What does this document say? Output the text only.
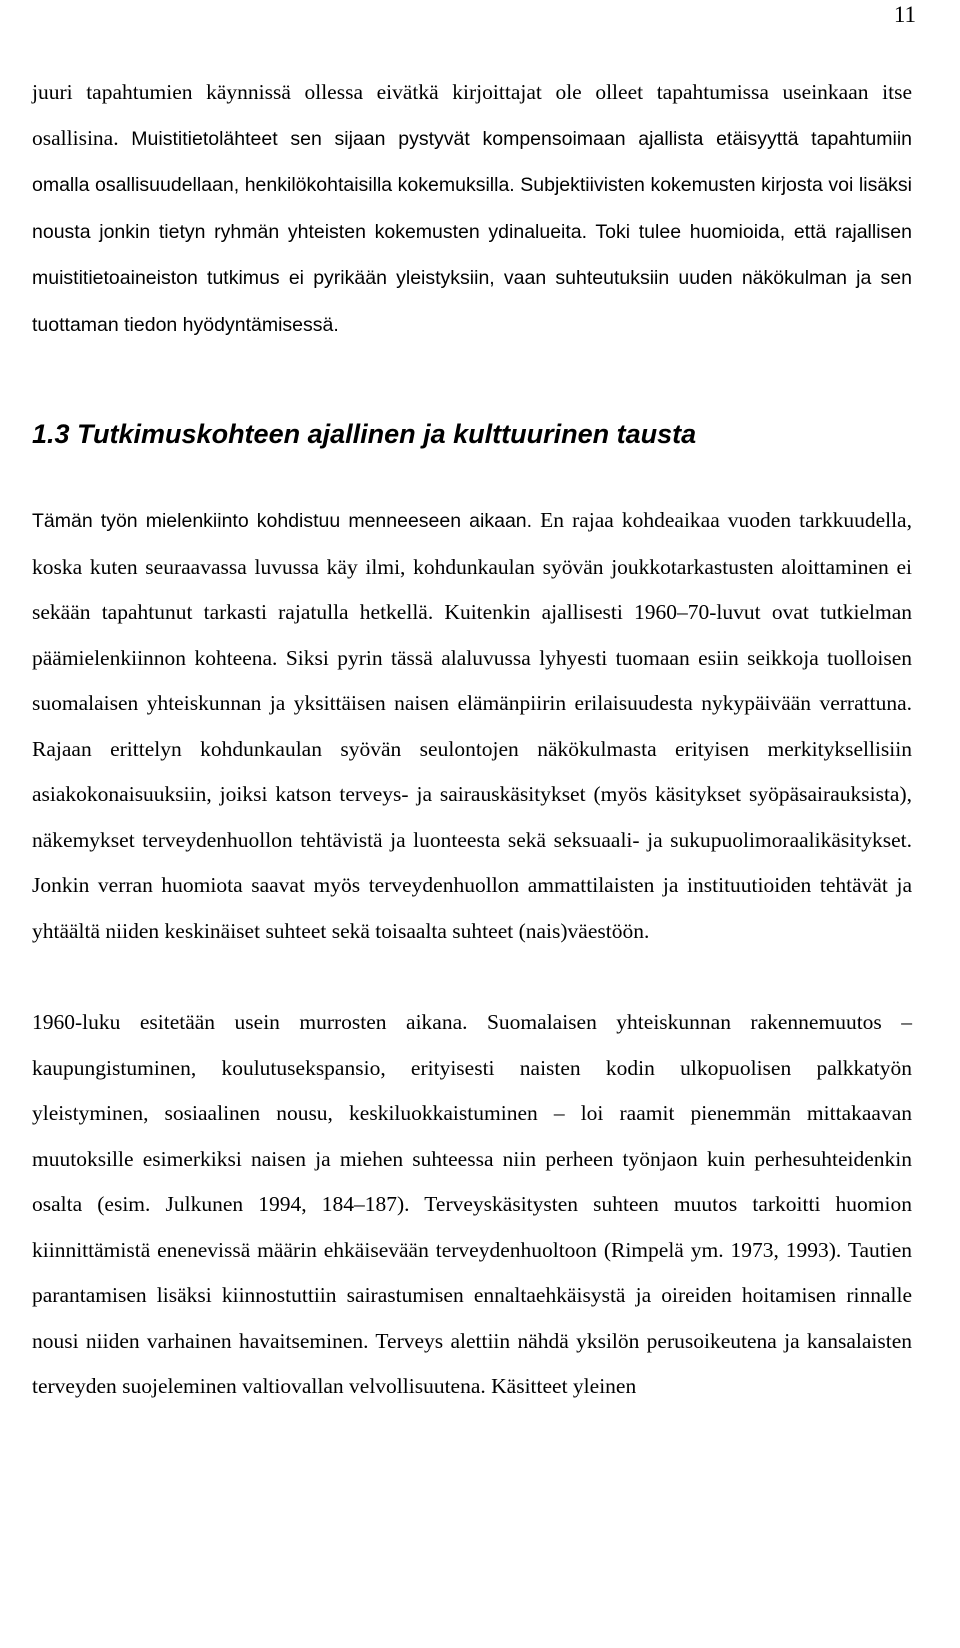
11

juuri tapahtumien käynnissä ollessa eivätkä kirjoittajat ole olleet tapahtumissa useinkaan itse osallisina. Muistitietolähteet sen sijaan pystyvät kompensoimaan ajallista etäisyyttä tapahtumiin omalla osallisuudellaan, henkilökohtaisilla kokemuksilla. Subjektiivisten kokemusten kirjosta voi lisäksi nousta jonkin tietyn ryhmän yhteisten kokemusten ydinalueita. Toki tulee huomioida, että rajallisen muistitietoaineiston tutkimus ei pyrikään yleistyksiin, vaan suhteutuksiin uuden näkökulman ja sen tuottaman tiedon hyödyntämisessä.

1.3 Tutkimuskohteen ajallinen ja kulttuurinen tausta

Tämän työn mielenkiinto kohdistuu menneeseen aikaan. En rajaa kohdeaikaa vuoden tarkkuudella, koska kuten seuraavassa luvussa käy ilmi, kohdunkaulan syövän joukkotarkastusten aloittaminen ei sekään tapahtunut tarkasti rajatulla hetkellä. Kuitenkin ajallisesti 1960–70-luvut ovat tutkielman päämielenkiinnon kohteena. Siksi pyrin tässä alaluvussa lyhyesti tuomaan esiin seikkoja tuolloisen suomalaisen yhteiskunnan ja yksittäisen naisen elämänpiirin erilaisuudesta nykypäivään verrattuna. Rajaan erittelyn kohdunkaulan syövän seulontojen näkökulmasta erityisen merkityksellisiin asiakokonaisuuksiin, joiksi katson terveys- ja sairauskäsitykset (myös käsitykset syöpäsairauksista), näkemykset terveydenhuollon tehtävistä ja luonteesta sekä seksuaali- ja sukupuolimoraalikäsitykset. Jonkin verran huomiota saavat myös terveydenhuollon ammattilaisten ja instituutioiden tehtävät ja yhtäältä niiden keskinäiset suhteet sekä toisaalta suhteet (nais)väestöön.

1960-luku esitetään usein murrosten aikana. Suomalaisen yhteiskunnan rakennemuutos – kaupungistuminen, koulutusekspansio, erityisesti naisten kodin ulkopuolisen palkkatyön yleistyminen, sosiaalinen nousu, keskiluokkaistuminen – loi raamit pienemmän mittakaavan muutoksille esimerkiksi naisen ja miehen suhteessa niin perheen työnjaon kuin perhesuhteidenkin osalta (esim. Julkunen 1994, 184–187). Terveyskäsitysten suhteen muutos tarkoitti huomion kiinnittämistä enenevissä määrin ehkäisevään terveydenhuoltoon (Rimpelä ym. 1973, 1993). Tautien parantamisen lisäksi kiinnostuttiin sairastumisen ennaltaehkäisystä ja oireiden hoitamisen rinnalle nousi niiden varhainen havaitseminen. Terveys alettiin nähdä yksilön perusoikeutena ja kansalaisten terveyden suojeleminen valtiovallan velvollisuutena. Käsitteet yleinen
